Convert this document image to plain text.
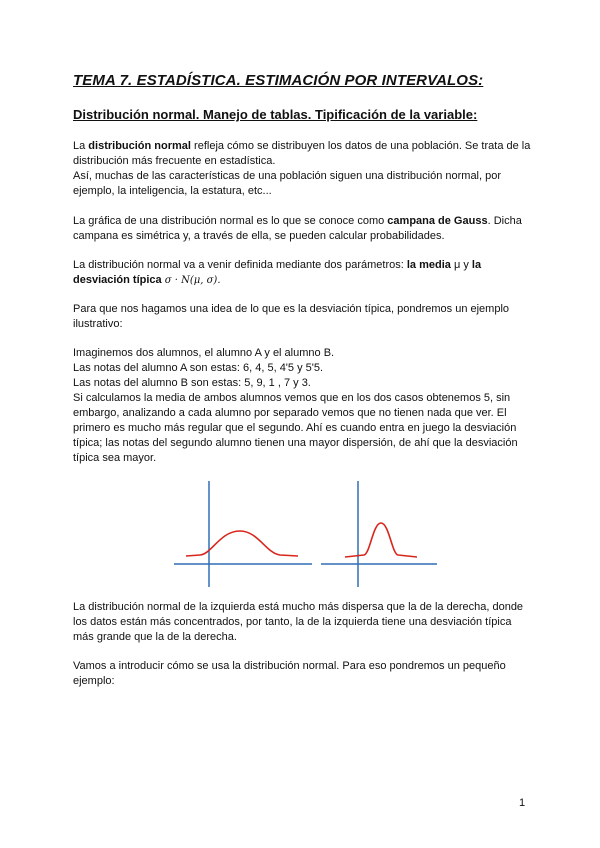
TEMA 7. ESTADÍSTICA. ESTIMACIÓN POR INTERVALOS:
Distribución normal. Manejo de tablas. Tipificación de la variable:

La distribución normal refleja cómo se distribuyen los datos de una población. Se trata de la distribución más frecuente en estadística.

Así, muchas de las características de una población siguen una distribución normal, por ejemplo, la inteligencia, la estatura, etc...

La gráfica de una distribución normal es lo que se conoce como campana de Gauss. Dicha campana es simétrica y, a través de ella, se pueden calcular probabilidades.

La distribución normal va a venir definida mediante dos parámetros: la media μ y la desviación típica σ · N(μ, σ).

Para que nos hagamos una idea de lo que es la desviación típica, pondremos un ejemplo ilustrativo:

Imaginemos dos alumnos, el alumno A y el alumno B.

Las notas del alumno A son estas: 6, 4, 5, 4'5 y 5'5.

Las notas del alumno B son estas: 5, 9, 1 , 7 y 3.

Si calculamos la media de ambos alumnos vemos que en los dos casos obtenemos 5, sin embargo, analizando a cada alumno por separado vemos que no tienen nada que ver. El primero es mucho más regular que el segundo. Ahí es cuando entra en juego la desviación típica; las notas del segundo alumno tienen una mayor dispersión, de ahí que la desviación típica sea mayor.

La distribución normal de la izquierda está mucho más dispersa que la de la derecha, donde los datos están más concentrados, por tanto, la de la izquierda tiene una desviación típica más grande que la de la derecha.

Vamos a introducir cómo se usa la distribución normal. Para eso pondremos un pequeño ejemplo:

1
